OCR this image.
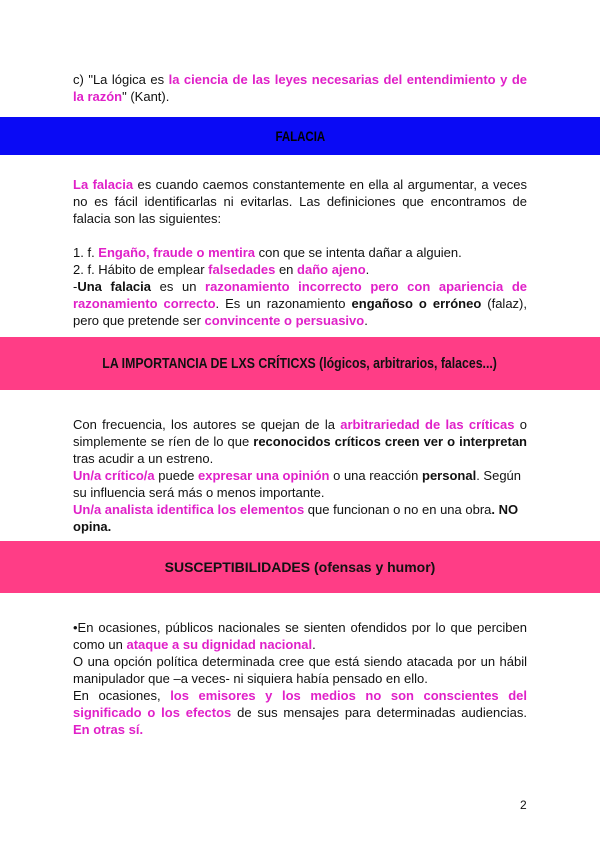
c) "La lógica es la ciencia de las leyes necesarias del entendimiento y de la razón" (Kant).

FALACIA

La falacia es cuando caemos constantemente en ella al argumentar, a veces no es fácil identificarlas ni evitarlas. Las definiciones que encontramos de falacia son las siguientes:

1. f. Engaño, fraude o mentira con que se intenta dañar a alguien.

2. f. Hábito de emplear falsedades en daño ajeno.

-Una falacia es un razonamiento incorrecto pero con apariencia de razonamiento correcto. Es un razonamiento engañoso o erróneo (falaz), pero que pretende ser convincente o persuasivo.

LA IMPORTANCIA DE LXS CRÍTICXS (lógicos, arbitrarios, falaces...)

Con frecuencia, los autores se quejan de la arbitrariedad de las críticas o simplemente se ríen de lo que reconocidos críticos creen ver o interpretan tras acudir a un estreno.

Un/a crítico/a puede expresar una opinión o una reacción personal. Según su influencia será más o menos importante.

Un/a analista identifica los elementos que funcionan o no en una obra. NO opina.

SUSCEPTIBILIDADES (ofensas y humor)

•En ocasiones, públicos nacionales se sienten ofendidos por lo que perciben como un ataque a su dignidad nacional.

O una opción política determinada cree que está siendo atacada por un hábil manipulador que –a veces- ni siquiera había pensado en ello.

En ocasiones, los emisores y los medios no son conscientes del significado o los efectos de sus mensajes para determinadas audiencias. En otras sí.

2
